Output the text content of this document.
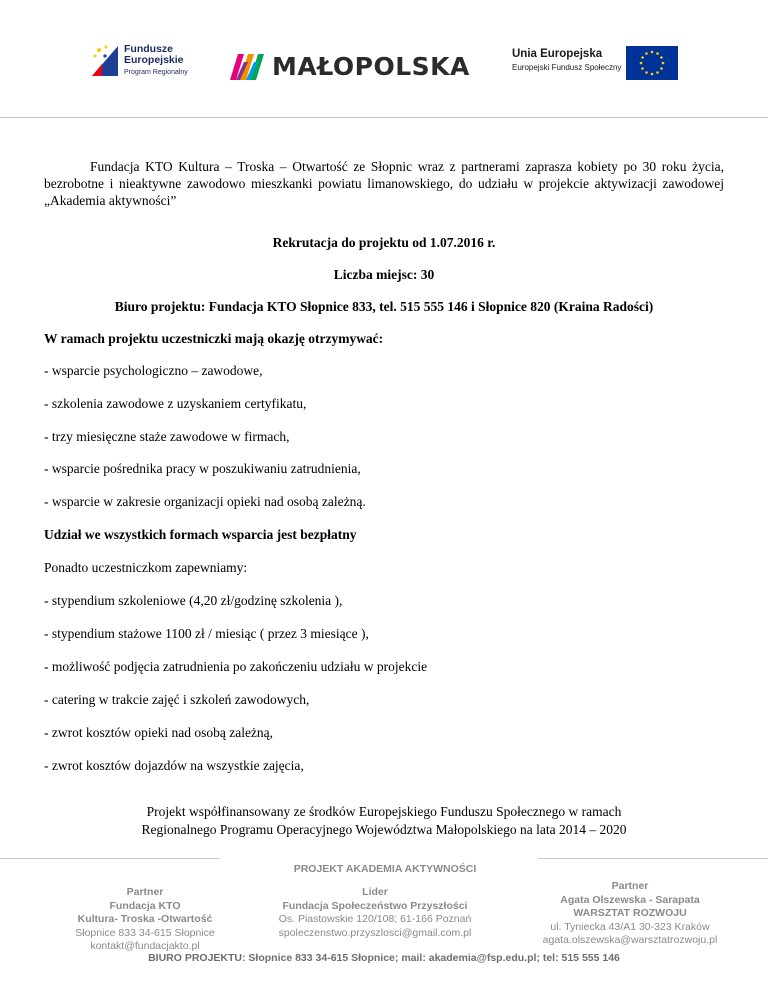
Fundusze
Europejskie
Program Regionalny	MAŁOPOLSKA	Unia Europejska
Europejski Fundusz Społeczny

Fundacja KTO Kultura – Troska – Otwartość ze Słopnic wraz z partnerami zaprasza kobiety po 30 roku życia, bezrobotne i nieaktywne zawodowo mieszkanki powiatu limanowskiego, do udziału w projekcie aktywizacji zawodowej „Akademia aktywności”

Rekrutacja do projektu od 1.07.2016 r.
Liczba miejsc: 30
Biuro projektu: Fundacja KTO Słopnice 833, tel. 515 555 146 i Słopnice 820 (Kraina Radości)
W ramach projektu uczestniczki mają okazję otrzymywać:
- wsparcie psychologiczno – zawodowe,
- szkolenia zawodowe z uzyskaniem certyfikatu,
- trzy miesięczne staże zawodowe w firmach,
- wsparcie pośrednika pracy w poszukiwaniu zatrudnienia,
- wsparcie w zakresie organizacji opieki nad osobą zależną.
Udział we wszystkich formach wsparcia jest bezpłatny
Ponadto uczestniczkom zapewniamy:
- stypendium szkoleniowe (4,20 zł/godzinę szkolenia ),
- stypendium stażowe 1100 zł / miesiąc ( przez 3 miesiące ),
- możliwość podjęcia zatrudnienia po zakończeniu udziału w projekcie
- catering w trakcie zajęć i szkoleń zawodowych,
- zwrot kosztów opieki nad osobą zależną,
- zwrot kosztów dojazdów na wszystkie zajęcia,
Projekt współfinansowany ze środków Europejskiego Funduszu Społecznego w ramach
Regionalnego Programu Operacyjnego Województwa Małopolskiego na lata 2014 – 2020
PROJEKT AKADEMIA AKTYWNOŚCI
Partner
Fundacja KTO
Kultura- Troska -Otwartość
Słopnice 833 34-615 Słopnice
kontakt@fundacjakto.pl
Lider
Fundacja Społeczeństwo Przyszłości
Os. Piastowskie 120/108; 61-166 Poznań
spoleczenstwo.przyszlosci@gmail.com.pl
Partner
Agata Olszewska - Sarapata
WARSZTAT ROZWOJU
ul. Tyniecka 43/A1 30-323 Kraków
agata.olszewska@warsztatrozwoju.pl
BIURO PROJEKTU: Słopnice 833 34-615 Słopnice; mail: akademia@fsp.edu.pl; tel: 515 555 146
